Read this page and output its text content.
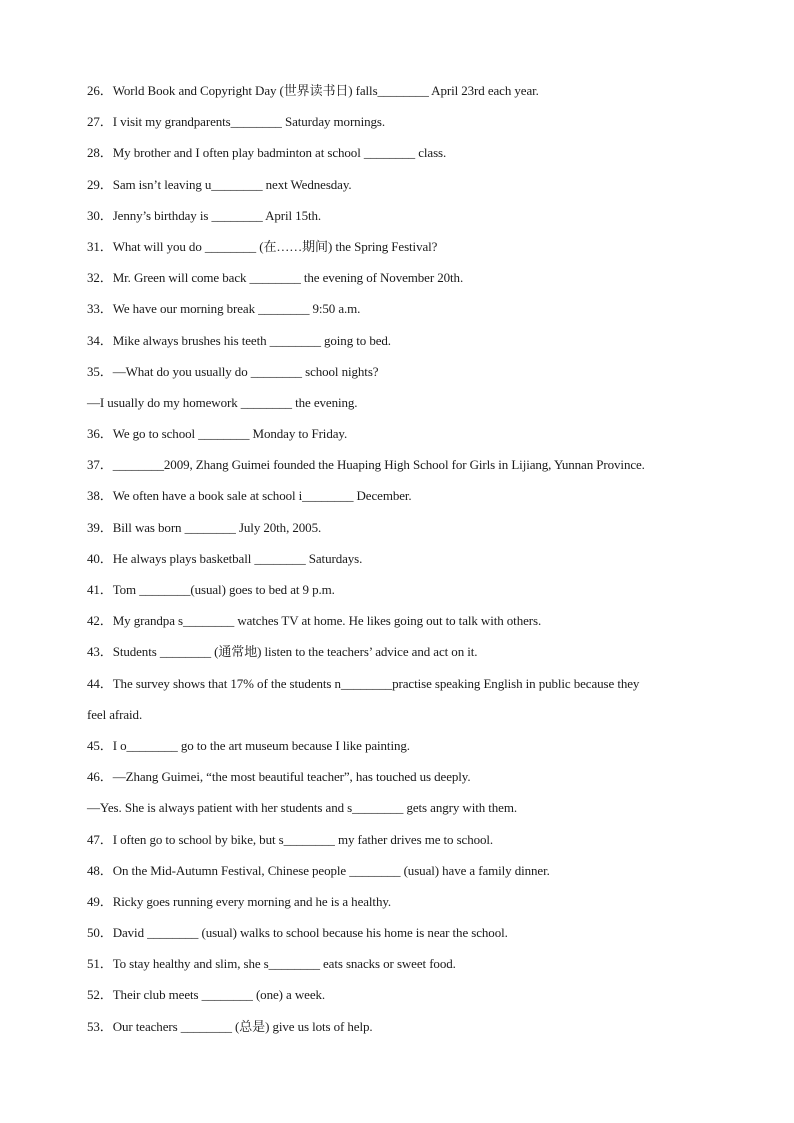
26．World Book and Copyright Day (世界读书日) falls________ April 23rd each year.
27．I visit my grandparents________ Saturday mornings.
28．My brother and I often play badminton at school ________ class.
29．Sam isn’t leaving u________ next Wednesday.
30．Jenny’s birthday is ________ April 15th.
31．What will you do ________ (在……期间) the Spring Festival?
32．Mr. Green will come back ________ the evening of November 20th.
33．We have our morning break ________ 9:50 a.m.
34．Mike always brushes his teeth ________ going to bed.
35．—What do you usually do ________ school nights?
—I usually do my homework ________ the evening.
36．We go to school ________ Monday to Friday.
37．________2009, Zhang Guimei founded the Huaping High School for Girls in Lijiang, Yunnan Province.
38．We often have a book sale at school i________ December.
39．Bill was born ________ July 20th, 2005.
40．He always plays basketball ________ Saturdays.
41．Tom ________(usual) goes to bed at 9 p.m.
42．My grandpa s________ watches TV at home. He likes going out to talk with others.
43．Students ________ (通常地) listen to the teachers’ advice and act on it.
44．The survey shows that 17% of the students n________practise speaking English in public because they
feel afraid.
45．I o________ go to the art museum because I like painting.
46．—Zhang Guimei, “the most beautiful teacher”, has touched us deeply.
—Yes. She is always patient with her students and s________ gets angry with them.
47．I often go to school by bike, but s________ my father drives me to school.
48．On the Mid-Autumn Festival, Chinese people ________ (usual) have a family dinner.
49．Ricky goes running every morning and he is a healthy.
50．David ________ (usual) walks to school because his home is near the school.
51．To stay healthy and slim, she s________ eats snacks or sweet food.
52．Their club meets ________ (one) a week.
53．Our teachers ________ (总是) give us lots of help.
